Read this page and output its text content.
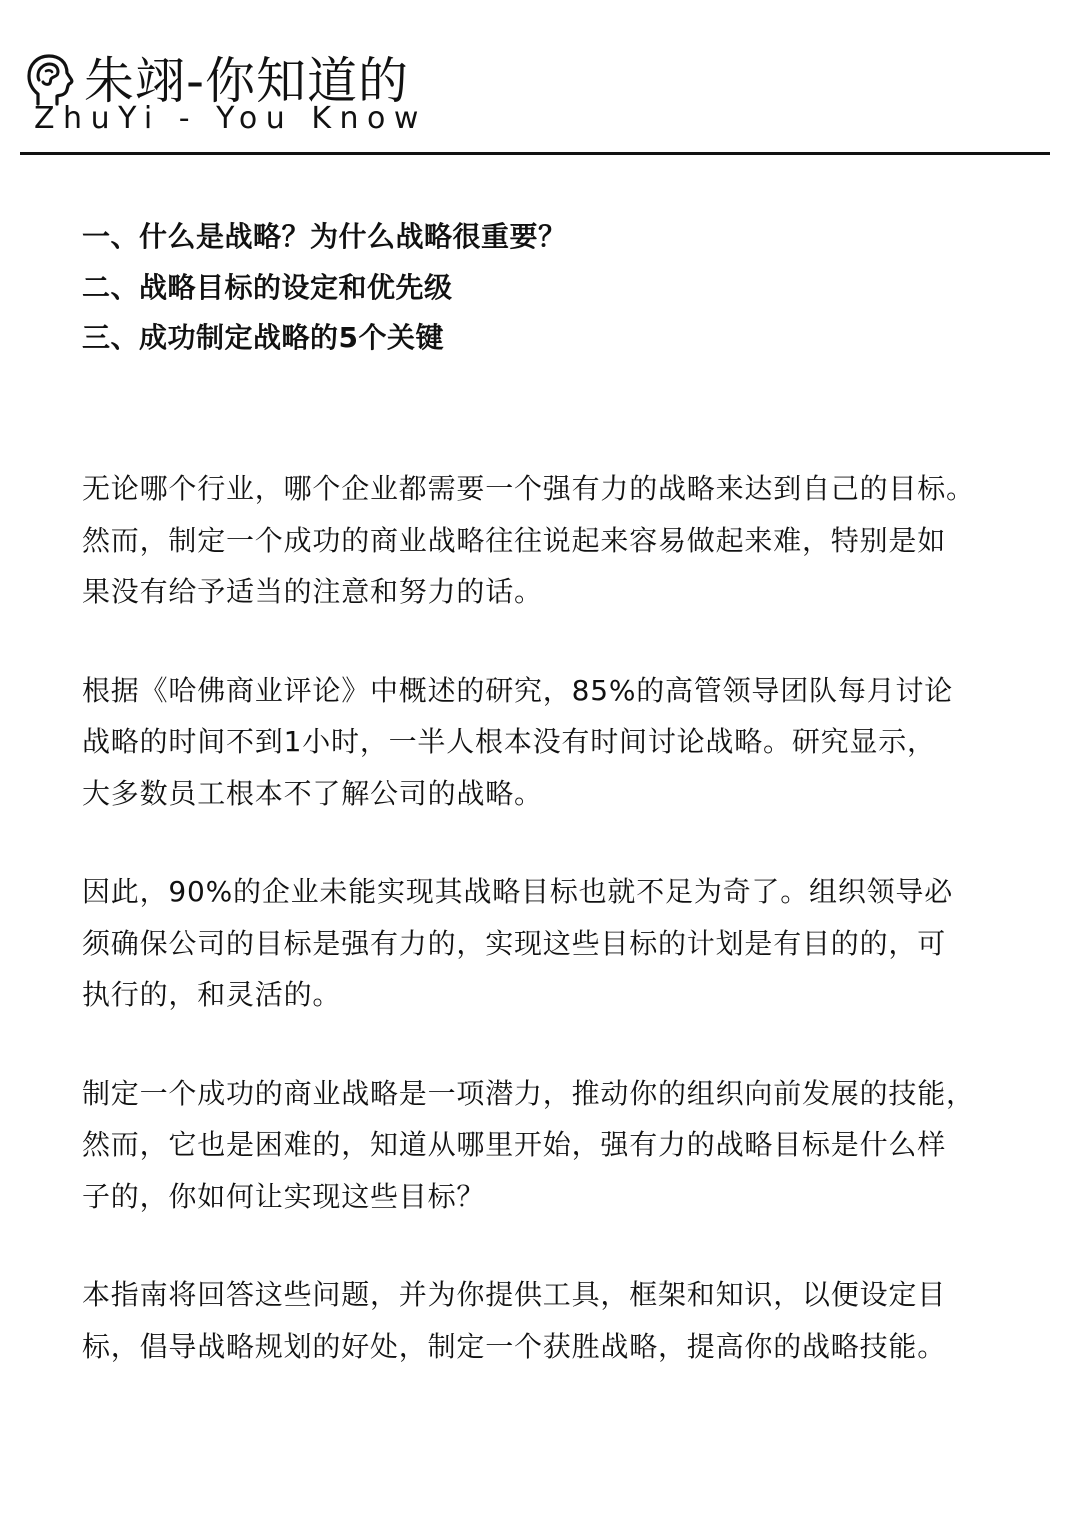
朱翊-你知道的
ZhuYi - You Know
一、什么是战略？为什么战略很重要？
二、战略目标的设定和优先级
三、成功制定战略的5个关键

无论哪个行业，哪个企业都需要一个强有力的战略来达到自己的目标。
然而，制定一个成功的商业战略往往说起来容易做起来难，特别是如
果没有给予适当的注意和努力的话。

根据《哈佛商业评论》中概述的研究，85%的高管领导团队每月讨论
战略的时间不到1小时，一半人根本没有时间讨论战略。研究显示，
大多数员工根本不了解公司的战略。

因此，90%的企业未能实现其战略目标也就不足为奇了。组织领导必
须确保公司的目标是强有力的，实现这些目标的计划是有目的的，可
执行的，和灵活的。

制定一个成功的商业战略是一项潜力，推动你的组织向前发展的技能，
然而，它也是困难的，知道从哪里开始，强有力的战略目标是什么样
子的，你如何让实现这些目标？

本指南将回答这些问题，并为你提供工具，框架和知识，以便设定目
标，倡导战略规划的好处，制定一个获胜战略，提高你的战略技能。
